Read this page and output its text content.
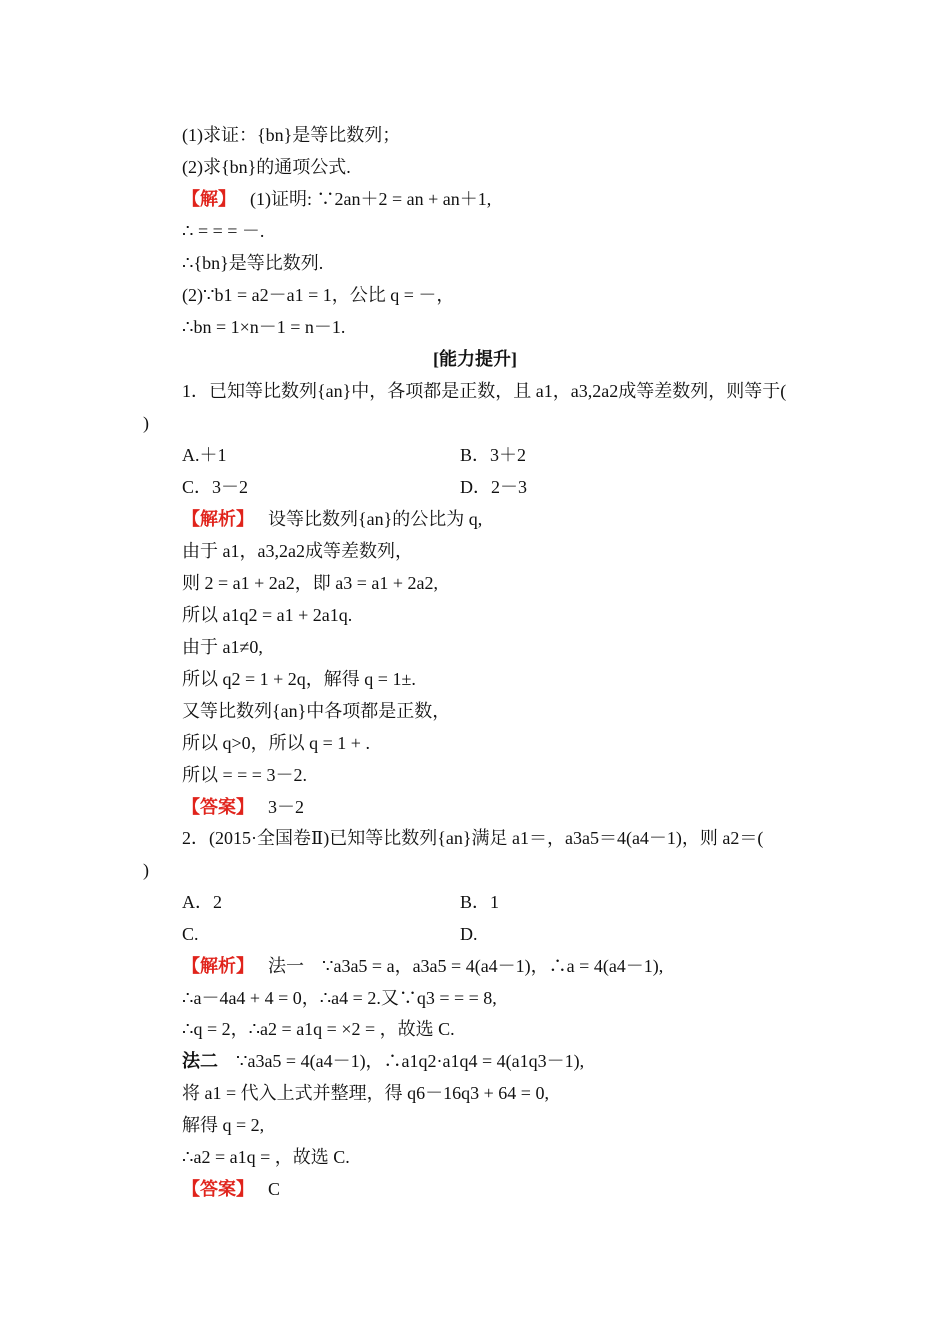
(1)求证：{bn}是等比数列；
(2)求{bn}的通项公式.
【解】 (1)证明: ∵2an＋2 = an + an＋1,
∴ = = = －.
∴{bn}是等比数列.
(2)∵b1 = a2－a1 = 1，公比 q = －，
∴bn = 1×n－1 = n－1.
[能力提升]
1．已知等比数列{an}中，各项都是正数，且 a1，a3,2a2成等差数列，则等于(
)
A.＋1	B．3＋2
C．3－2	D．2－3
【解析】 设等比数列{an}的公比为 q,
由于 a1，a3,2a2成等差数列，
则 2 = a1 + 2a2，即 a3 = a1 + 2a2,
所以 a1q2 = a1 + 2a1q.
由于 a1≠0,
所以 q2 = 1 + 2q，解得 q = 1±.
又等比数列{an}中各项都是正数，
所以 q>0，所以 q = 1 + .
所以 = = = 3－2.
【答案】 3－2
2．(2015·全国卷Ⅱ)已知等比数列{an}满足 a1＝，a3a5＝4(a4－1)，则 a2＝(
)
A．2	B．1
C.	D.
【解析】 法一 ∵a3a5 = a，a3a5 = 4(a4－1)，∴a = 4(a4－1),
∴a－4a4 + 4 = 0，∴a4 = 2.又∵q3 = = = 8,
∴q = 2，∴a2 = a1q = ×2 = ，故选 C.
法二 ∵a3a5 = 4(a4－1)，∴a1q2·a1q4 = 4(a1q3－1),
将 a1 = 代入上式并整理，得 q6－16q3 + 64 = 0,
解得 q = 2,
∴a2 = a1q = ，故选 C.
【答案】 C
